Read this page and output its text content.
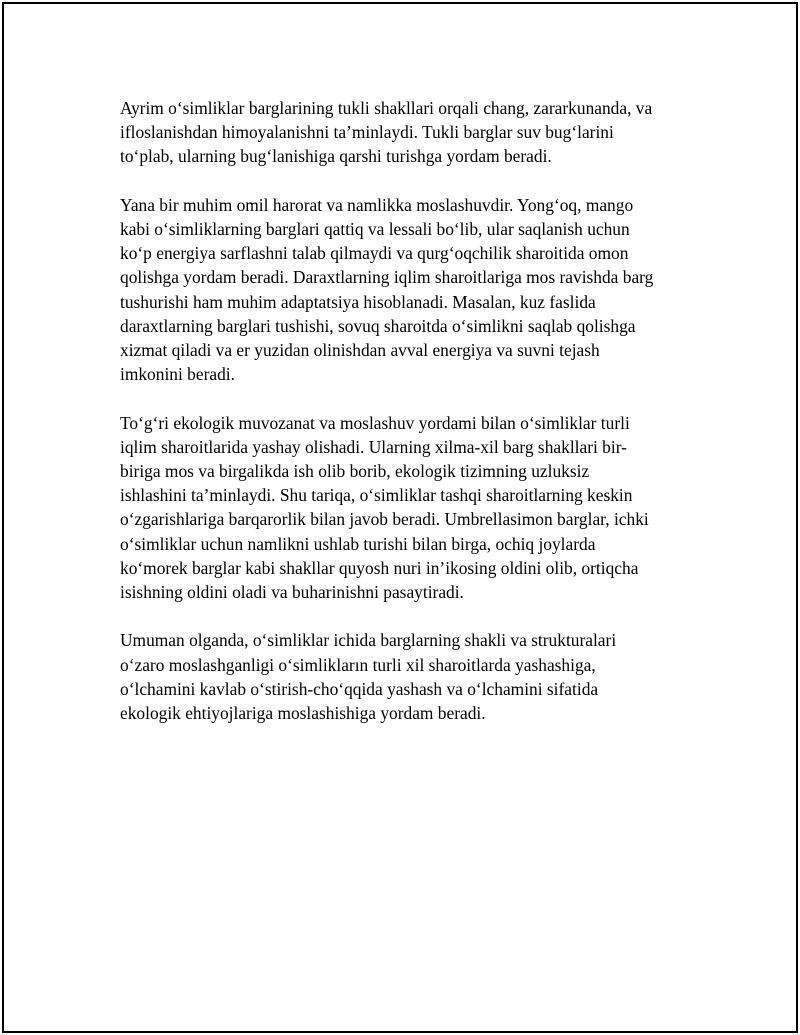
Ayrim o‘simliklar barglarining tukli shakllari orqali chang, zararkunanda, va
ifloslanishdan himoyalanishni ta’minlaydi. Tukli barglar suv bug‘larini
to‘plab, ularning bug‘lanishiga qarshi turishga yordam beradi.

Yana bir muhim omil harorat va namlikka moslashuvdir. Yong‘oq, mango
kabi o‘simliklarning barglari qattiq va lessali bo‘lib, ular saqlanish uchun
ko‘p energiya sarflashni talab qilmaydi va qurg‘oqchilik sharoitida omon
qolishga yordam beradi. Daraxtlarning iqlim sharoitlariga mos ravishda barg
tushurishi ham muhim adaptatsiya hisoblanadi. Masalan, kuz faslida
daraxtlarning barglari tushishi, sovuq sharoitda o‘simlikni saqlab qolishga
xizmat qiladi va er yuzidan olinishdan avval energiya va suvni tejash
imkonini beradi.

To‘g‘ri ekologik muvozanat va moslashuv yordami bilan o‘simliklar turli
iqlim sharoitlarida yashay olishadi. Ularning xilma-xil barg shakllari bir-
biriga mos va birgalikda ish olib borib, ekologik tizimning uzluksiz
ishlashini ta’minlaydi. Shu tariqa, o‘simliklar tashqi sharoitlarning keskin
o‘zgarishlariga barqarorlik bilan javob beradi. Umbrellasimon barglar, ichki
o‘simliklar uchun namlikni ushlab turishi bilan birga, ochiq joylarda
ko‘morek barglar kabi shakllar quyosh nuri in’ikosing oldini olib, ortiqcha
isishning oldini oladi va buharinishni pasaytiradi.

Umuman olganda, o‘simliklar ichida barglarning shakli va strukturalari
o‘zaro moslashganligi o‘simlikların turli xil sharoitlarda yashashiga,
o‘lchamini kavlab o‘stirish-cho‘qqida yashash va o‘lchamini sifatida
ekologik ehtiyojlariga moslashishiga yordam beradi.
